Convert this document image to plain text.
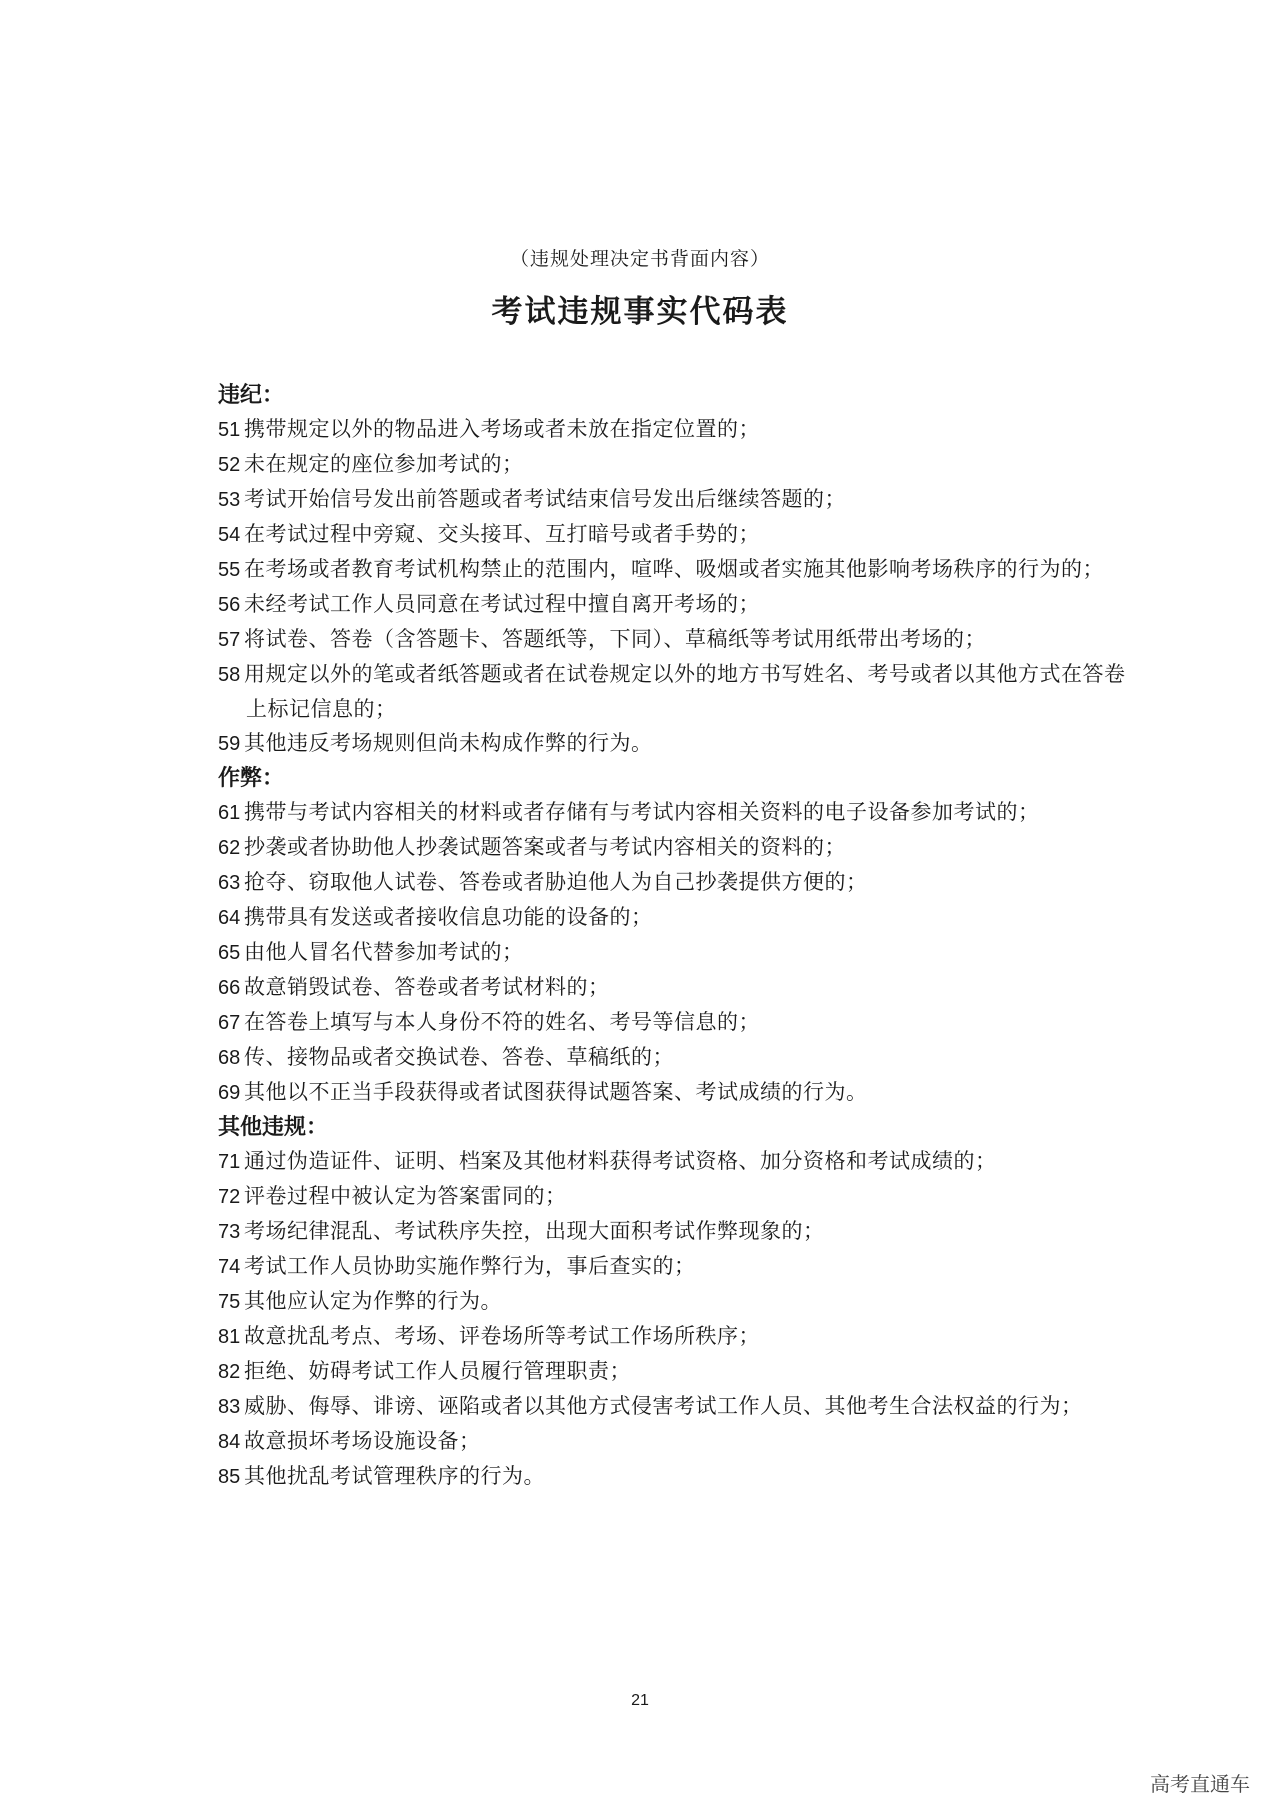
（违规处理决定书背面内容）
考试违规事实代码表
违纪：
51 携带规定以外的物品进入考场或者未放在指定位置的；
52 未在规定的座位参加考试的；
53 考试开始信号发出前答题或者考试结束信号发出后继续答题的；
54 在考试过程中旁窥、交头接耳、互打暗号或者手势的；
55 在考场或者教育考试机构禁止的范围内，喧哗、吸烟或者实施其他影响考场秩序的行为的；
56 未经考试工作人员同意在考试过程中擅自离开考场的；
57 将试卷、答卷（含答题卡、答题纸等，下同）、草稿纸等考试用纸带出考场的；
58 用规定以外的笔或者纸答题或者在试卷规定以外的地方书写姓名、考号或者以其他方式在答卷上标记信息的；
59 其他违反考场规则但尚未构成作弊的行为。
作弊：
61 携带与考试内容相关的材料或者存储有与考试内容相关资料的电子设备参加考试的；
62 抄袭或者协助他人抄袭试题答案或者与考试内容相关的资料的；
63 抢夺、窃取他人试卷、答卷或者胁迫他人为自己抄袭提供方便的；
64 携带具有发送或者接收信息功能的设备的；
65 由他人冒名代替参加考试的；
66 故意销毁试卷、答卷或者考试材料的；
67 在答卷上填写与本人身份不符的姓名、考号等信息的；
68 传、接物品或者交换试卷、答卷、草稿纸的；
69 其他以不正当手段获得或者试图获得试题答案、考试成绩的行为。
其他违规：
71 通过伪造证件、证明、档案及其他材料获得考试资格、加分资格和考试成绩的；
72 评卷过程中被认定为答案雷同的；
73 考场纪律混乱、考试秩序失控，出现大面积考试作弊现象的；
74 考试工作人员协助实施作弊行为，事后查实的；
75 其他应认定为作弊的行为。
81 故意扰乱考点、考场、评卷场所等考试工作场所秩序；
82 拒绝、妨碍考试工作人员履行管理职责；
83 威胁、侮辱、诽谤、诬陷或者以其他方式侵害考试工作人员、其他考生合法权益的行为；
84 故意损坏考场设施设备；
85 其他扰乱考试管理秩序的行为。
21
高考直通车
